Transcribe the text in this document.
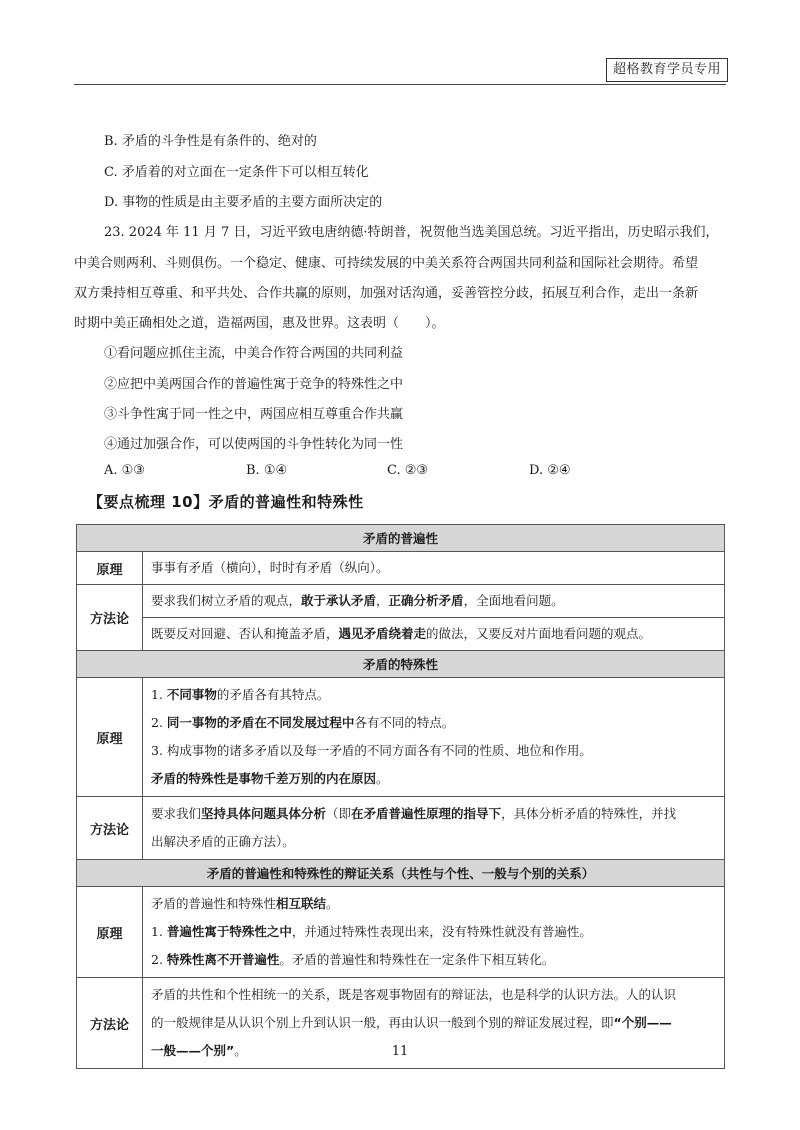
超格教育学员专用
B. 矛盾的斗争性是有条件的、绝对的
C. 矛盾着的对立面在一定条件下可以相互转化
D. 事物的性质是由主要矛盾的主要方面所决定的
23. 2024 年 11 月 7 日，习近平致电唐纳德·特朗普，祝贺他当选美国总统。习近平指出，历史昭示我们，
中美合则两利、斗则俱伤。一个稳定、健康、可持续发展的中美关系符合两国共同利益和国际社会期待。希望
双方秉持相互尊重、和平共处、合作共赢的原则，加强对话沟通，妥善管控分歧，拓展互利合作，走出一条新
时期中美正确相处之道，造福两国，惠及世界。这表明（　　）。
①看问题应抓住主流，中美合作符合两国的共同利益
②应把中美两国合作的普遍性寓于竞争的特殊性之中
③斗争性寓于同一性之中，两国应相互尊重合作共赢
④通过加强合作，可以使两国的斗争性转化为同一性
A. ①③	B. ①④	C. ②③	D. ②④
【要点梳理 10】矛盾的普遍性和特殊性
矛盾的普遍性	
原理	事事有矛盾（横向），时时有矛盾（纵向）。

方法论	要求我们树立矛盾的观点，敢于承认矛盾，正确分析矛盾，全面地看问题。

	既要反对回避、否认和掩盖矛盾，遇见矛盾绕着走的做法，又要反对片面地看问题的观点。

矛盾的特殊性	
原理	1. 不同事物的矛盾各有其特点。
2. 同一事物的矛盾在不同发展过程中各有不同的特点。
3. 构成事物的诸多矛盾以及每一矛盾的不同方面各有不同的性质、地位和作用。
矛盾的特殊性是事物千差万别的内在原因。

方法论	要求我们坚持具体问题具体分析（即在矛盾普遍性原理的指导下，具体分析矛盾的特殊性，并找
出解决矛盾的正确方法）。

矛盾的普遍性和特殊性的辩证关系（共性与个性、一般与个别的关系）	
原理	矛盾的普遍性和特殊性相互联结。
1. 普遍性寓于特殊性之中，并通过特殊性表现出来，没有特殊性就没有普遍性。
2. 特殊性离不开普遍性。矛盾的普遍性和特殊性在一定条件下相互转化。

方法论	矛盾的共性和个性相统一的关系，既是客观事物固有的辩证法，也是科学的认识方法。人的认识
的一般规律是从认识个别上升到认识一般，再由认识一般到个别的辩证发展过程，即“个别——
一般——个别”。	11
